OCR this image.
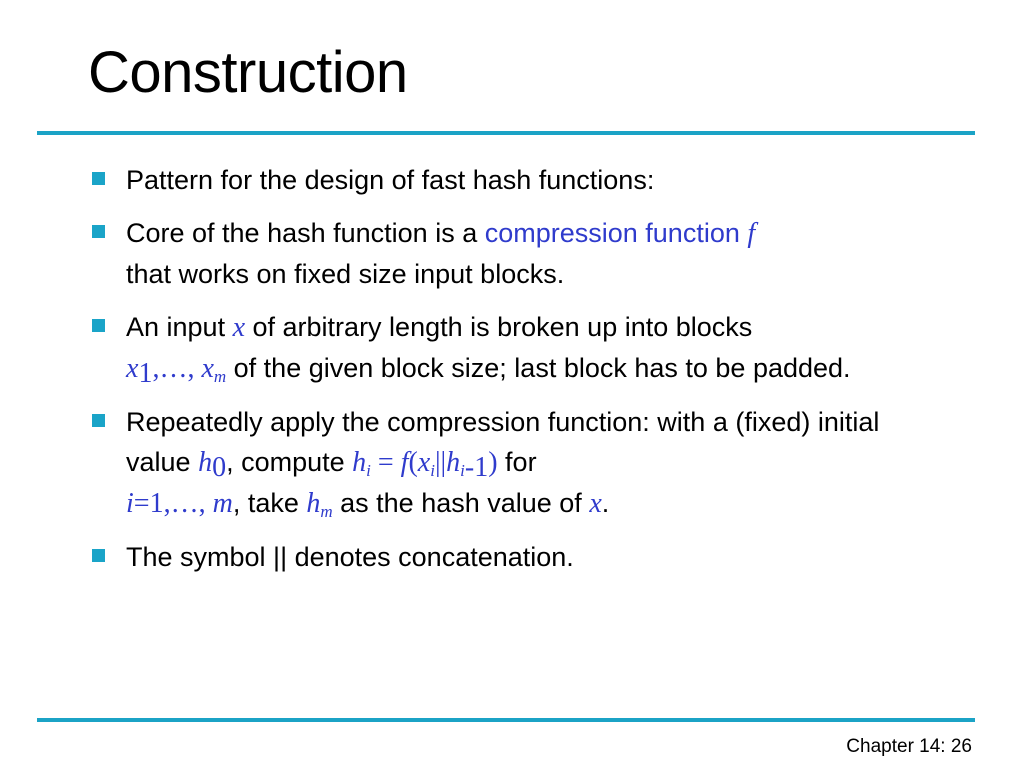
Construction
Pattern for the design of fast hash functions:
Core of the hash function is a compression function f
that works on fixed size input blocks.
An input x of arbitrary length is broken up into blocks
$x_1,\dots$, $x_m$ of the given block size; last block has to be padded.
Repeatedly apply the compression function: with a (fixed) initial value $h_0$, compute $h_i = f(x_i||h_{i-1})$ for
i=1,…, m, take $h_m$ as the hash value of x.
The symbol || denotes concatenation.
Chapter 14: 26
